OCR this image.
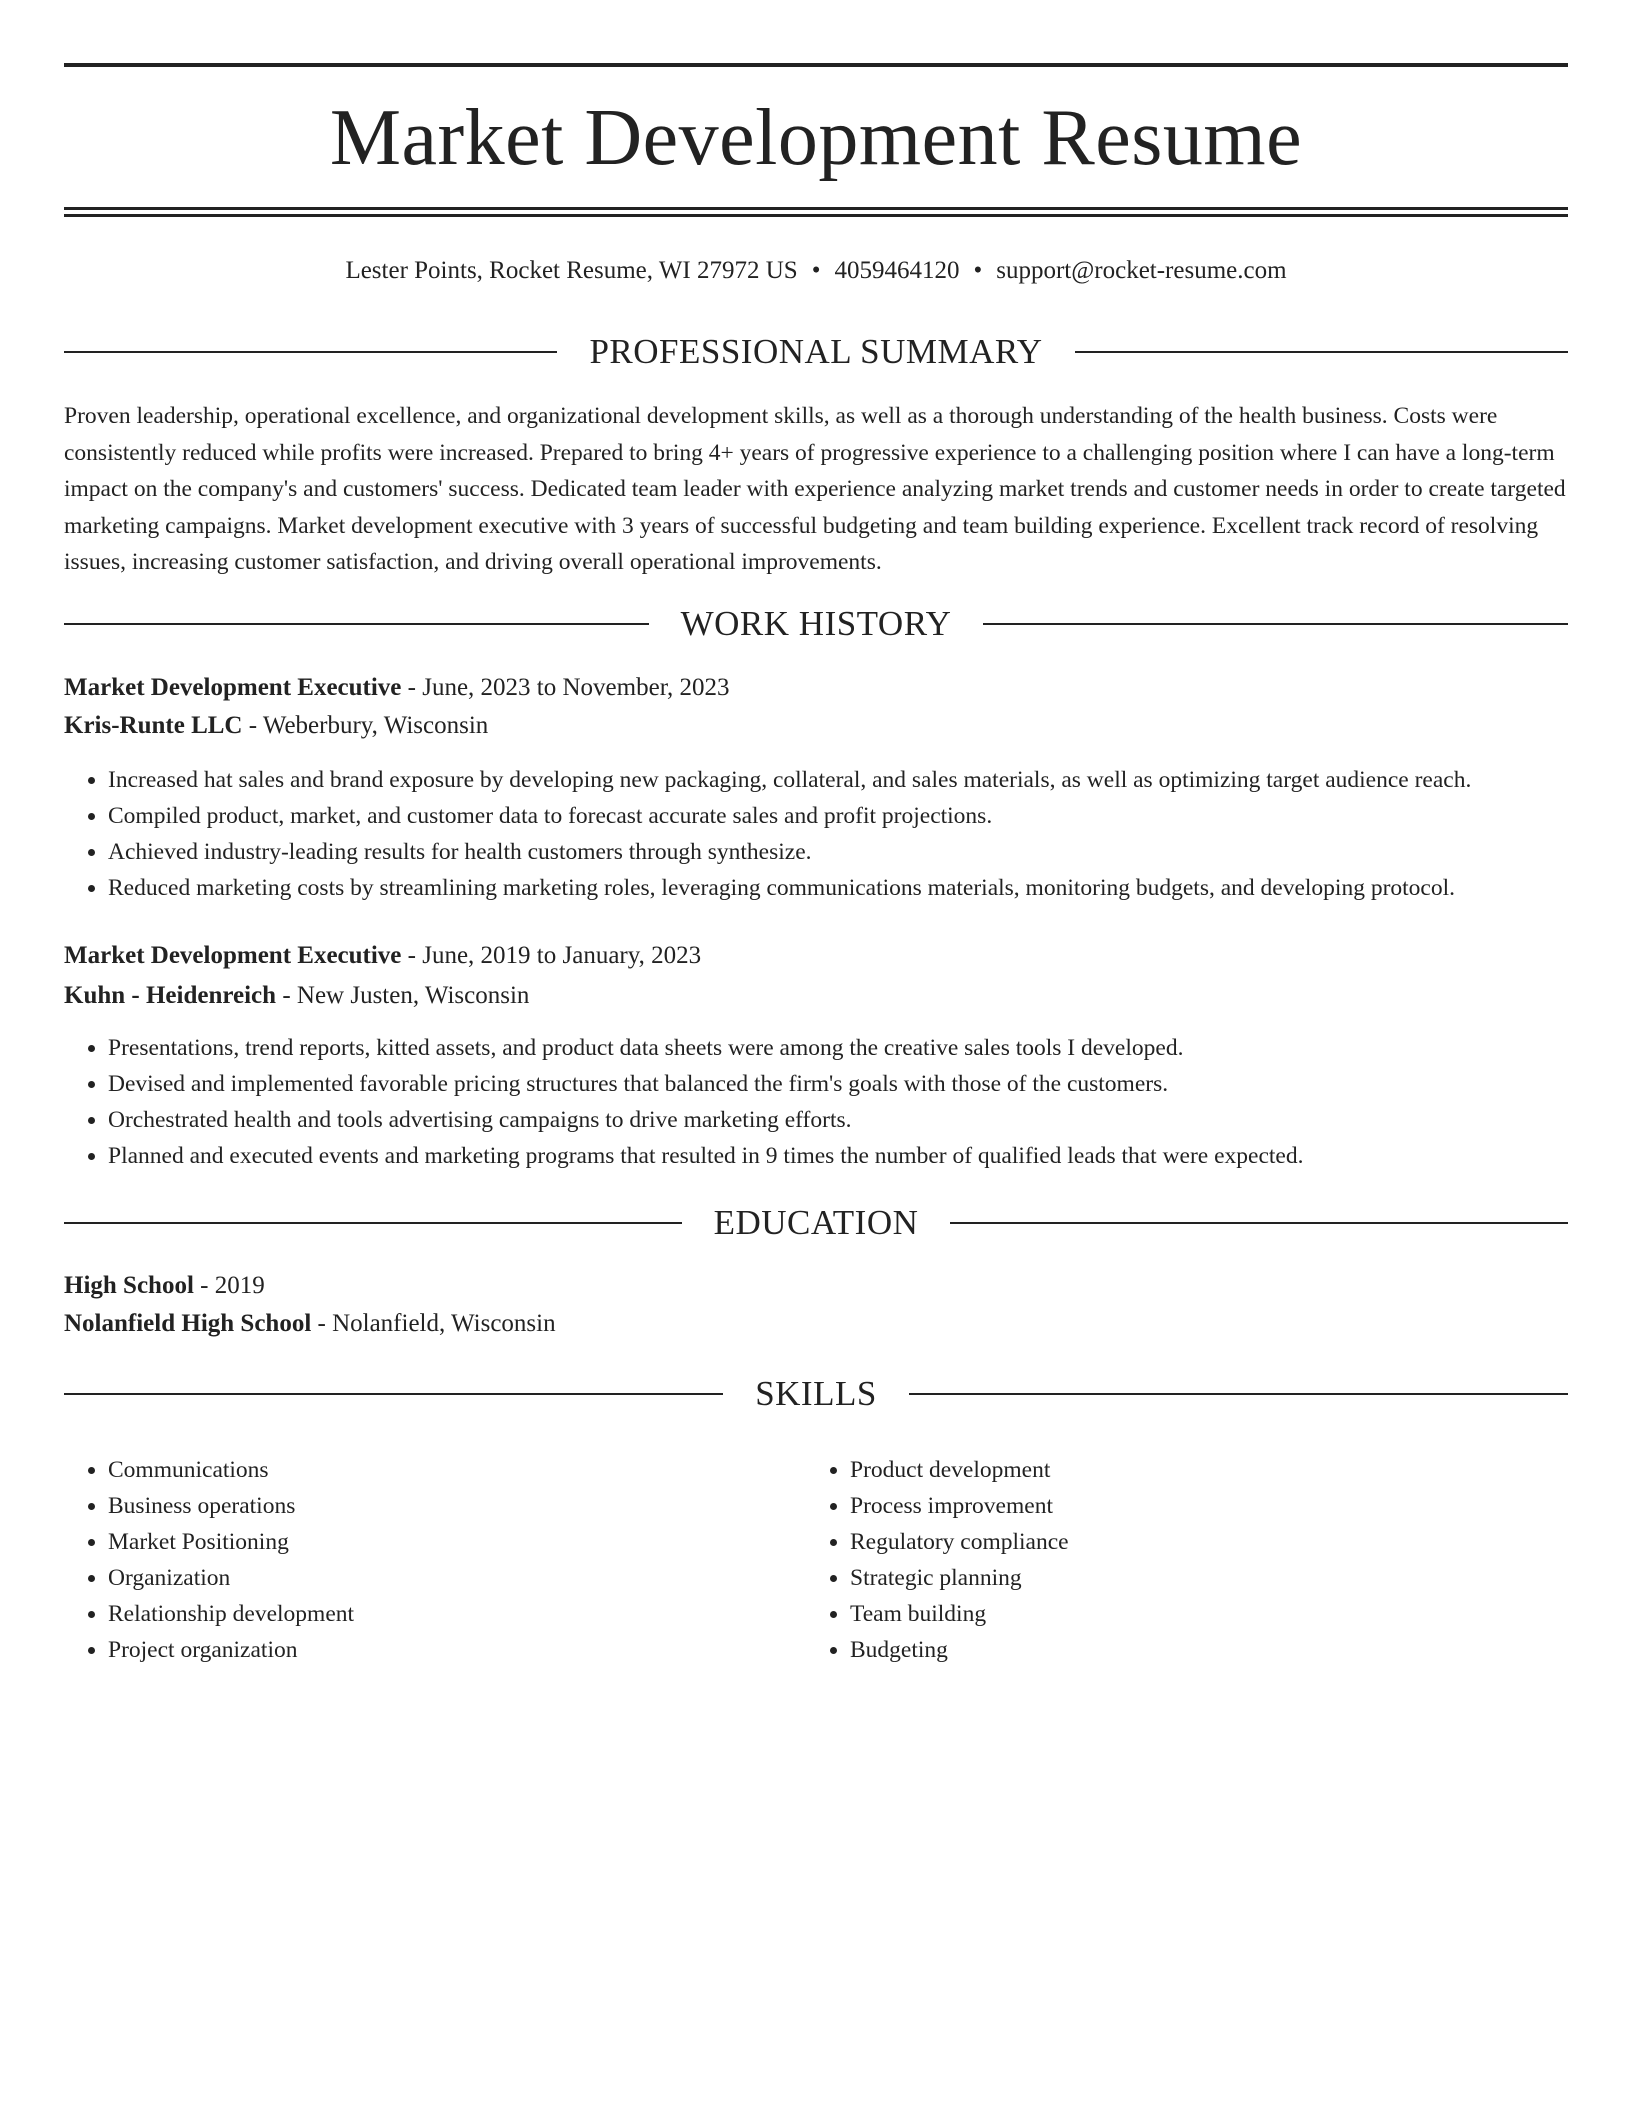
Market Development Resume
Lester Points, Rocket Resume, WI 27972 US • 4059464120 • support@rocket-resume.com
PROFESSIONAL SUMMARY

Proven leadership, operational excellence, and organizational development skills, as well as a thorough understanding of the health business. Costs were consistently reduced while profits were increased. Prepared to bring 4+ years of progressive experience to a challenging position where I can have a long-term impact on the company's and customers' success. Dedicated team leader with experience analyzing market trends and customer needs in order to create targeted marketing campaigns. Market development executive with 3 years of successful budgeting and team building experience. Excellent track record of resolving issues, increasing customer satisfaction, and driving overall operational improvements.

WORK HISTORY
Market Development Executive - June, 2023 to November, 2023
Kris-Runte LLC - Weberbury, Wisconsin
• Increased hat sales and brand exposure by developing new packaging, collateral, and sales materials, as well as optimizing target audience reach.
• Compiled product, market, and customer data to forecast accurate sales and profit projections.
• Achieved industry-leading results for health customers through synthesize.
• Reduced marketing costs by streamlining marketing roles, leveraging communications materials, monitoring budgets, and developing protocol.
Market Development Executive - June, 2019 to January, 2023
Kuhn - Heidenreich - New Justen, Wisconsin
• Presentations, trend reports, kitted assets, and product data sheets were among the creative sales tools I developed.
• Devised and implemented favorable pricing structures that balanced the firm's goals with those of the customers.
• Orchestrated health and tools advertising campaigns to drive marketing efforts.
• Planned and executed events and marketing programs that resulted in 9 times the number of qualified leads that were expected.
EDUCATION
High School - 2019
Nolanfield High School - Nolanfield, Wisconsin
SKILLS
• Communications
• Business operations
• Market Positioning
• Organization
• Relationship development
• Project organization
• Product development
• Process improvement
• Regulatory compliance
• Strategic planning
• Team building
• Budgeting
